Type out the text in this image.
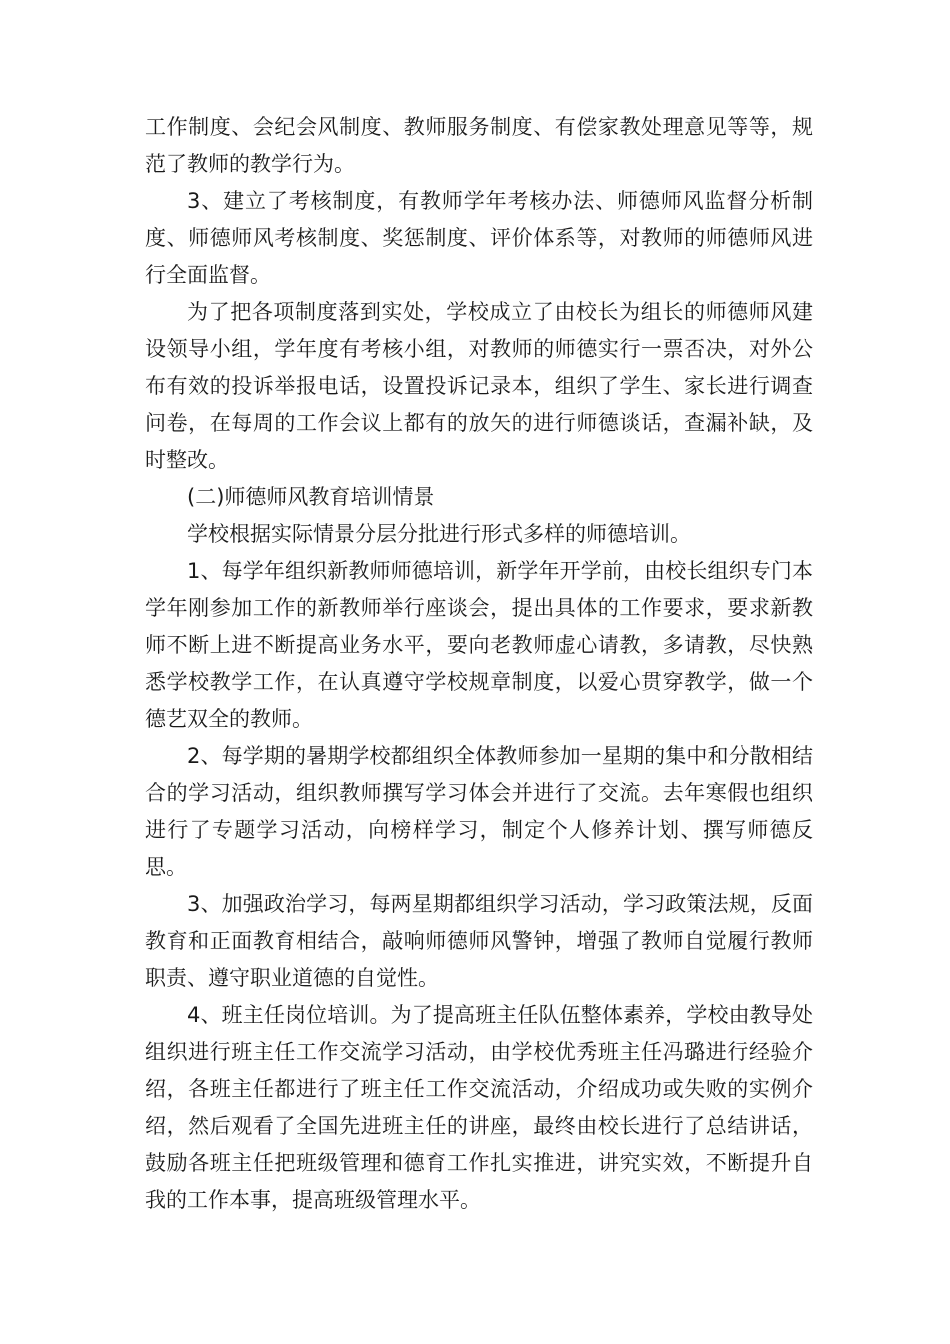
工作制度、会纪会风制度、教师服务制度、有偿家教处理意见等等，规范了教师的教学行为。

3、建立了考核制度，有教师学年考核办法、师德师风监督分析制度、师德师风考核制度、奖惩制度、评价体系等，对教师的师德师风进行全面监督。

为了把各项制度落到实处，学校成立了由校长为组长的师德师风建设领导小组，学年度有考核小组，对教师的师德实行一票否决，对外公布有效的投诉举报电话，设置投诉记录本，组织了学生、家长进行调查问卷，在每周的工作会议上都有的放矢的进行师德谈话，查漏补缺，及时整改。

(二)师德师风教育培训情景

学校根据实际情景分层分批进行形式多样的师德培训。

1、每学年组织新教师师德培训，新学年开学前，由校长组织专门本学年刚参加工作的新教师举行座谈会，提出具体的工作要求，要求新教师不断上进不断提高业务水平，要向老教师虚心请教，多请教，尽快熟悉学校教学工作，在认真遵守学校规章制度，以爱心贯穿教学，做一个德艺双全的教师。

2、每学期的暑期学校都组织全体教师参加一星期的集中和分散相结合的学习活动，组织教师撰写学习体会并进行了交流。去年寒假也组织进行了专题学习活动，向榜样学习，制定个人修养计划、撰写师德反思。

3、加强政治学习，每两星期都组织学习活动，学习政策法规，反面教育和正面教育相结合，敲响师德师风警钟，增强了教师自觉履行教师职责、遵守职业道德的自觉性。

4、班主任岗位培训。为了提高班主任队伍整体素养，学校由教导处组织进行班主任工作交流学习活动，由学校优秀班主任冯璐进行经验介绍，各班主任都进行了班主任工作交流活动，介绍成功或失败的实例介绍，然后观看了全国先进班主任的讲座，最终由校长进行了总结讲话，鼓励各班主任把班级管理和德育工作扎实推进，讲究实效，不断提升自我的工作本事，提高班级管理水平。
